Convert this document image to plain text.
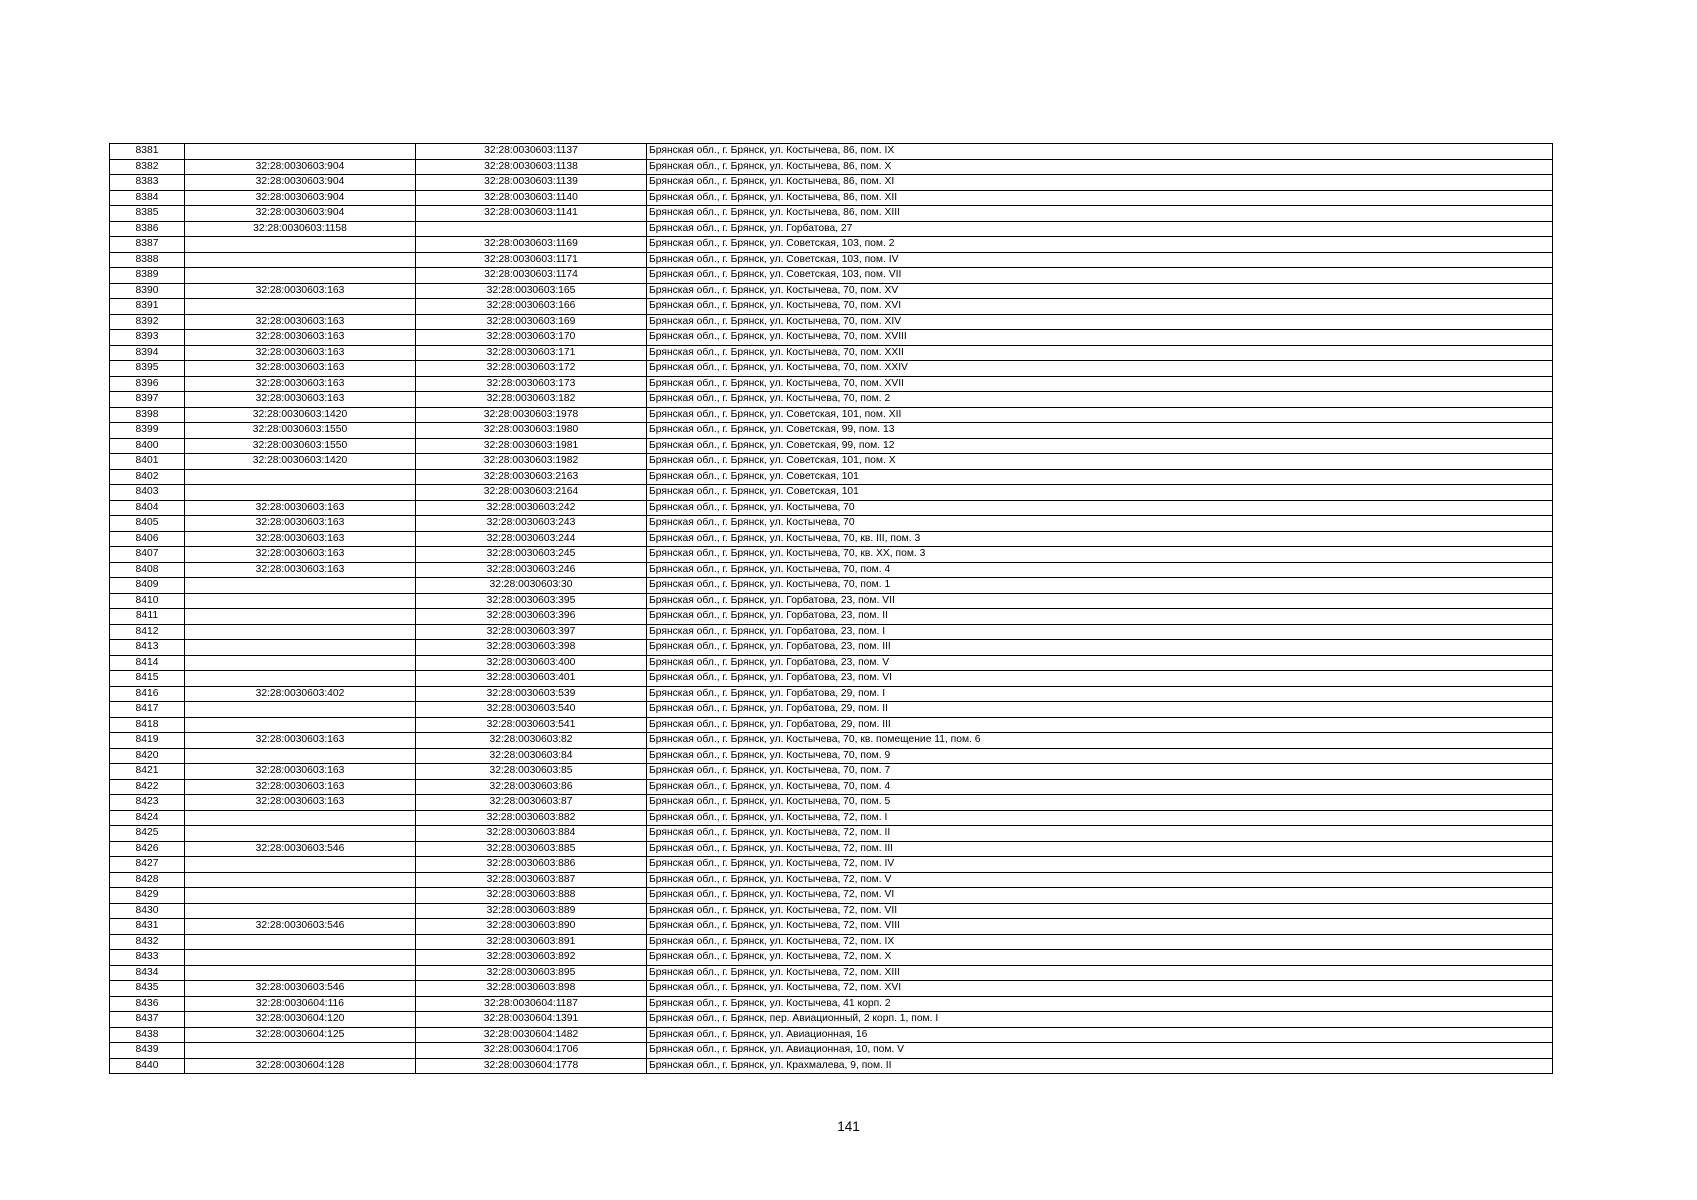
8381		32:28:0030603:1137	Брянская обл., г. Брянск, ул. Костычева, 86, пом. IX
8382	32:28:0030603:904	32:28:0030603:1138	Брянская обл., г. Брянск, ул. Костычева, 86, пом. X
8383	32:28:0030603:904	32:28:0030603:1139	Брянская обл., г. Брянск, ул. Костычева, 86, пом. XI
8384	32:28:0030603:904	32:28:0030603:1140	Брянская обл., г. Брянск, ул. Костычева, 86, пом. XII
8385	32:28:0030603:904	32:28:0030603:1141	Брянская обл., г. Брянск, ул. Костычева, 86, пом. XIII
8386	32:28:0030603:1158		Брянская обл., г. Брянск, ул. Горбатова, 27
8387		32:28:0030603:1169	Брянская обл., г. Брянск, ул. Советская, 103, пом. 2
8388		32:28:0030603:1171	Брянская обл., г. Брянск, ул. Советская, 103, пом. IV
8389		32:28:0030603:1174	Брянская обл., г. Брянск, ул. Советская, 103, пом. VII
8390	32:28:0030603:163	32:28:0030603:165	Брянская обл., г. Брянск, ул. Костычева, 70, пом. XV
8391		32:28:0030603:166	Брянская обл., г. Брянск, ул. Костычева, 70, пом. XVI
8392	32:28:0030603:163	32:28:0030603:169	Брянская обл., г. Брянск, ул. Костычева, 70, пом. XIV
8393	32:28:0030603:163	32:28:0030603:170	Брянская обл., г. Брянск, ул. Костычева, 70, пом. XVIII
8394	32:28:0030603:163	32:28:0030603:171	Брянская обл., г. Брянск, ул. Костычева, 70, пом. XXII
8395	32:28:0030603:163	32:28:0030603:172	Брянская обл., г. Брянск, ул. Костычева, 70, пом. XXIV
8396	32:28:0030603:163	32:28:0030603:173	Брянская обл., г. Брянск, ул. Костычева, 70, пом. XVII
8397	32:28:0030603:163	32:28:0030603:182	Брянская обл., г. Брянск, ул. Костычева, 70, пом. 2
8398	32:28:0030603:1420	32:28:0030603:1978	Брянская обл., г. Брянск, ул. Советская, 101, пом. XII
8399	32:28:0030603:1550	32:28:0030603:1980	Брянская обл., г. Брянск, ул. Советская, 99, пом. 13
8400	32:28:0030603:1550	32:28:0030603:1981	Брянская обл., г. Брянск, ул. Советская, 99, пом. 12
8401	32:28:0030603:1420	32:28:0030603:1982	Брянская обл., г. Брянск, ул. Советская, 101, пом. X
8402		32:28:0030603:2163	Брянская обл., г. Брянск, ул. Советская, 101
8403		32:28:0030603:2164	Брянская обл., г. Брянск, ул. Советская, 101
8404	32:28:0030603:163	32:28:0030603:242	Брянская обл., г. Брянск, ул. Костычева, 70
8405	32:28:0030603:163	32:28:0030603:243	Брянская обл., г. Брянск, ул. Костычева, 70
8406	32:28:0030603:163	32:28:0030603:244	Брянская обл., г. Брянск, ул. Костычева, 70, кв. III, пом. 3
8407	32:28:0030603:163	32:28:0030603:245	Брянская обл., г. Брянск, ул. Костычева, 70, кв. XX, пом. 3
8408	32:28:0030603:163	32:28:0030603:246	Брянская обл., г. Брянск, ул. Костычева, 70, пом. 4
8409		32:28:0030603:30	Брянская обл., г. Брянск, ул. Костычева, 70, пом. 1
8410		32:28:0030603:395	Брянская обл., г. Брянск, ул. Горбатова, 23, пом. VII
8411		32:28:0030603:396	Брянская обл., г. Брянск, ул. Горбатова, 23, пом. II
8412		32:28:0030603:397	Брянская обл., г. Брянск, ул. Горбатова, 23, пом. I
8413		32:28:0030603:398	Брянская обл., г. Брянск, ул. Горбатова, 23, пом. III
8414		32:28:0030603:400	Брянская обл., г. Брянск, ул. Горбатова, 23, пом. V
8415		32:28:0030603:401	Брянская обл., г. Брянск, ул. Горбатова, 23, пом. VI
8416	32:28:0030603:402	32:28:0030603:539	Брянская обл., г. Брянск, ул. Горбатова, 29, пом. I
8417		32:28:0030603:540	Брянская обл., г. Брянск, ул. Горбатова, 29, пом. II
8418		32:28:0030603:541	Брянская обл., г. Брянск, ул. Горбатова, 29, пом. III
8419	32:28:0030603:163	32:28:0030603:82	Брянская обл., г. Брянск, ул. Костычева, 70, кв. помещение 11, пом. 6
8420		32:28:0030603:84	Брянская обл., г. Брянск, ул. Костычева, 70, пом. 9
8421	32:28:0030603:163	32:28:0030603:85	Брянская обл., г. Брянск, ул. Костычева, 70, пом. 7
8422	32:28:0030603:163	32:28:0030603:86	Брянская обл., г. Брянск, ул. Костычева, 70, пом. 4
8423	32:28:0030603:163	32:28:0030603:87	Брянская обл., г. Брянск, ул. Костычева, 70, пом. 5
8424		32:28:0030603:882	Брянская обл., г. Брянск, ул. Костычева, 72, пом. I
8425		32:28:0030603:884	Брянская обл., г. Брянск, ул. Костычева, 72, пом. II
8426	32:28:0030603:546	32:28:0030603:885	Брянская обл., г. Брянск, ул. Костычева, 72, пом. III
8427		32:28:0030603:886	Брянская обл., г. Брянск, ул. Костычева, 72, пом. IV
8428		32:28:0030603:887	Брянская обл., г. Брянск, ул. Костычева, 72, пом. V
8429		32:28:0030603:888	Брянская обл., г. Брянск, ул. Костычева, 72, пом. VI
8430		32:28:0030603:889	Брянская обл., г. Брянск, ул. Костычева, 72, пом. VII
8431	32:28:0030603:546	32:28:0030603:890	Брянская обл., г. Брянск, ул. Костычева, 72, пом. VIII
8432		32:28:0030603:891	Брянская обл., г. Брянск, ул. Костычева, 72, пом. IX
8433		32:28:0030603:892	Брянская обл., г. Брянск, ул. Костычева, 72, пом. X
8434		32:28:0030603:895	Брянская обл., г. Брянск, ул. Костычева, 72, пом. XIII
8435	32:28:0030603:546	32:28:0030603:898	Брянская обл., г. Брянск, ул. Костычева, 72, пом. XVI
8436	32:28:0030604:116	32:28:0030604:1187	Брянская обл., г. Брянск, ул. Костычева, 41 корп. 2
8437	32:28:0030604:120	32:28:0030604:1391	Брянская обл., г. Брянск, пер. Авиационный, 2 корп. 1, пом. I
8438	32:28:0030604:125	32:28:0030604:1482	Брянская обл., г. Брянск, ул. Авиационная, 16
8439		32:28:0030604:1706	Брянская обл., г. Брянск, ул. Авиационная, 10, пом. V
8440	32:28:0030604:128	32:28:0030604:1778	Брянская обл., г. Брянск, ул. Крахмалева, 9, пом. II
141
